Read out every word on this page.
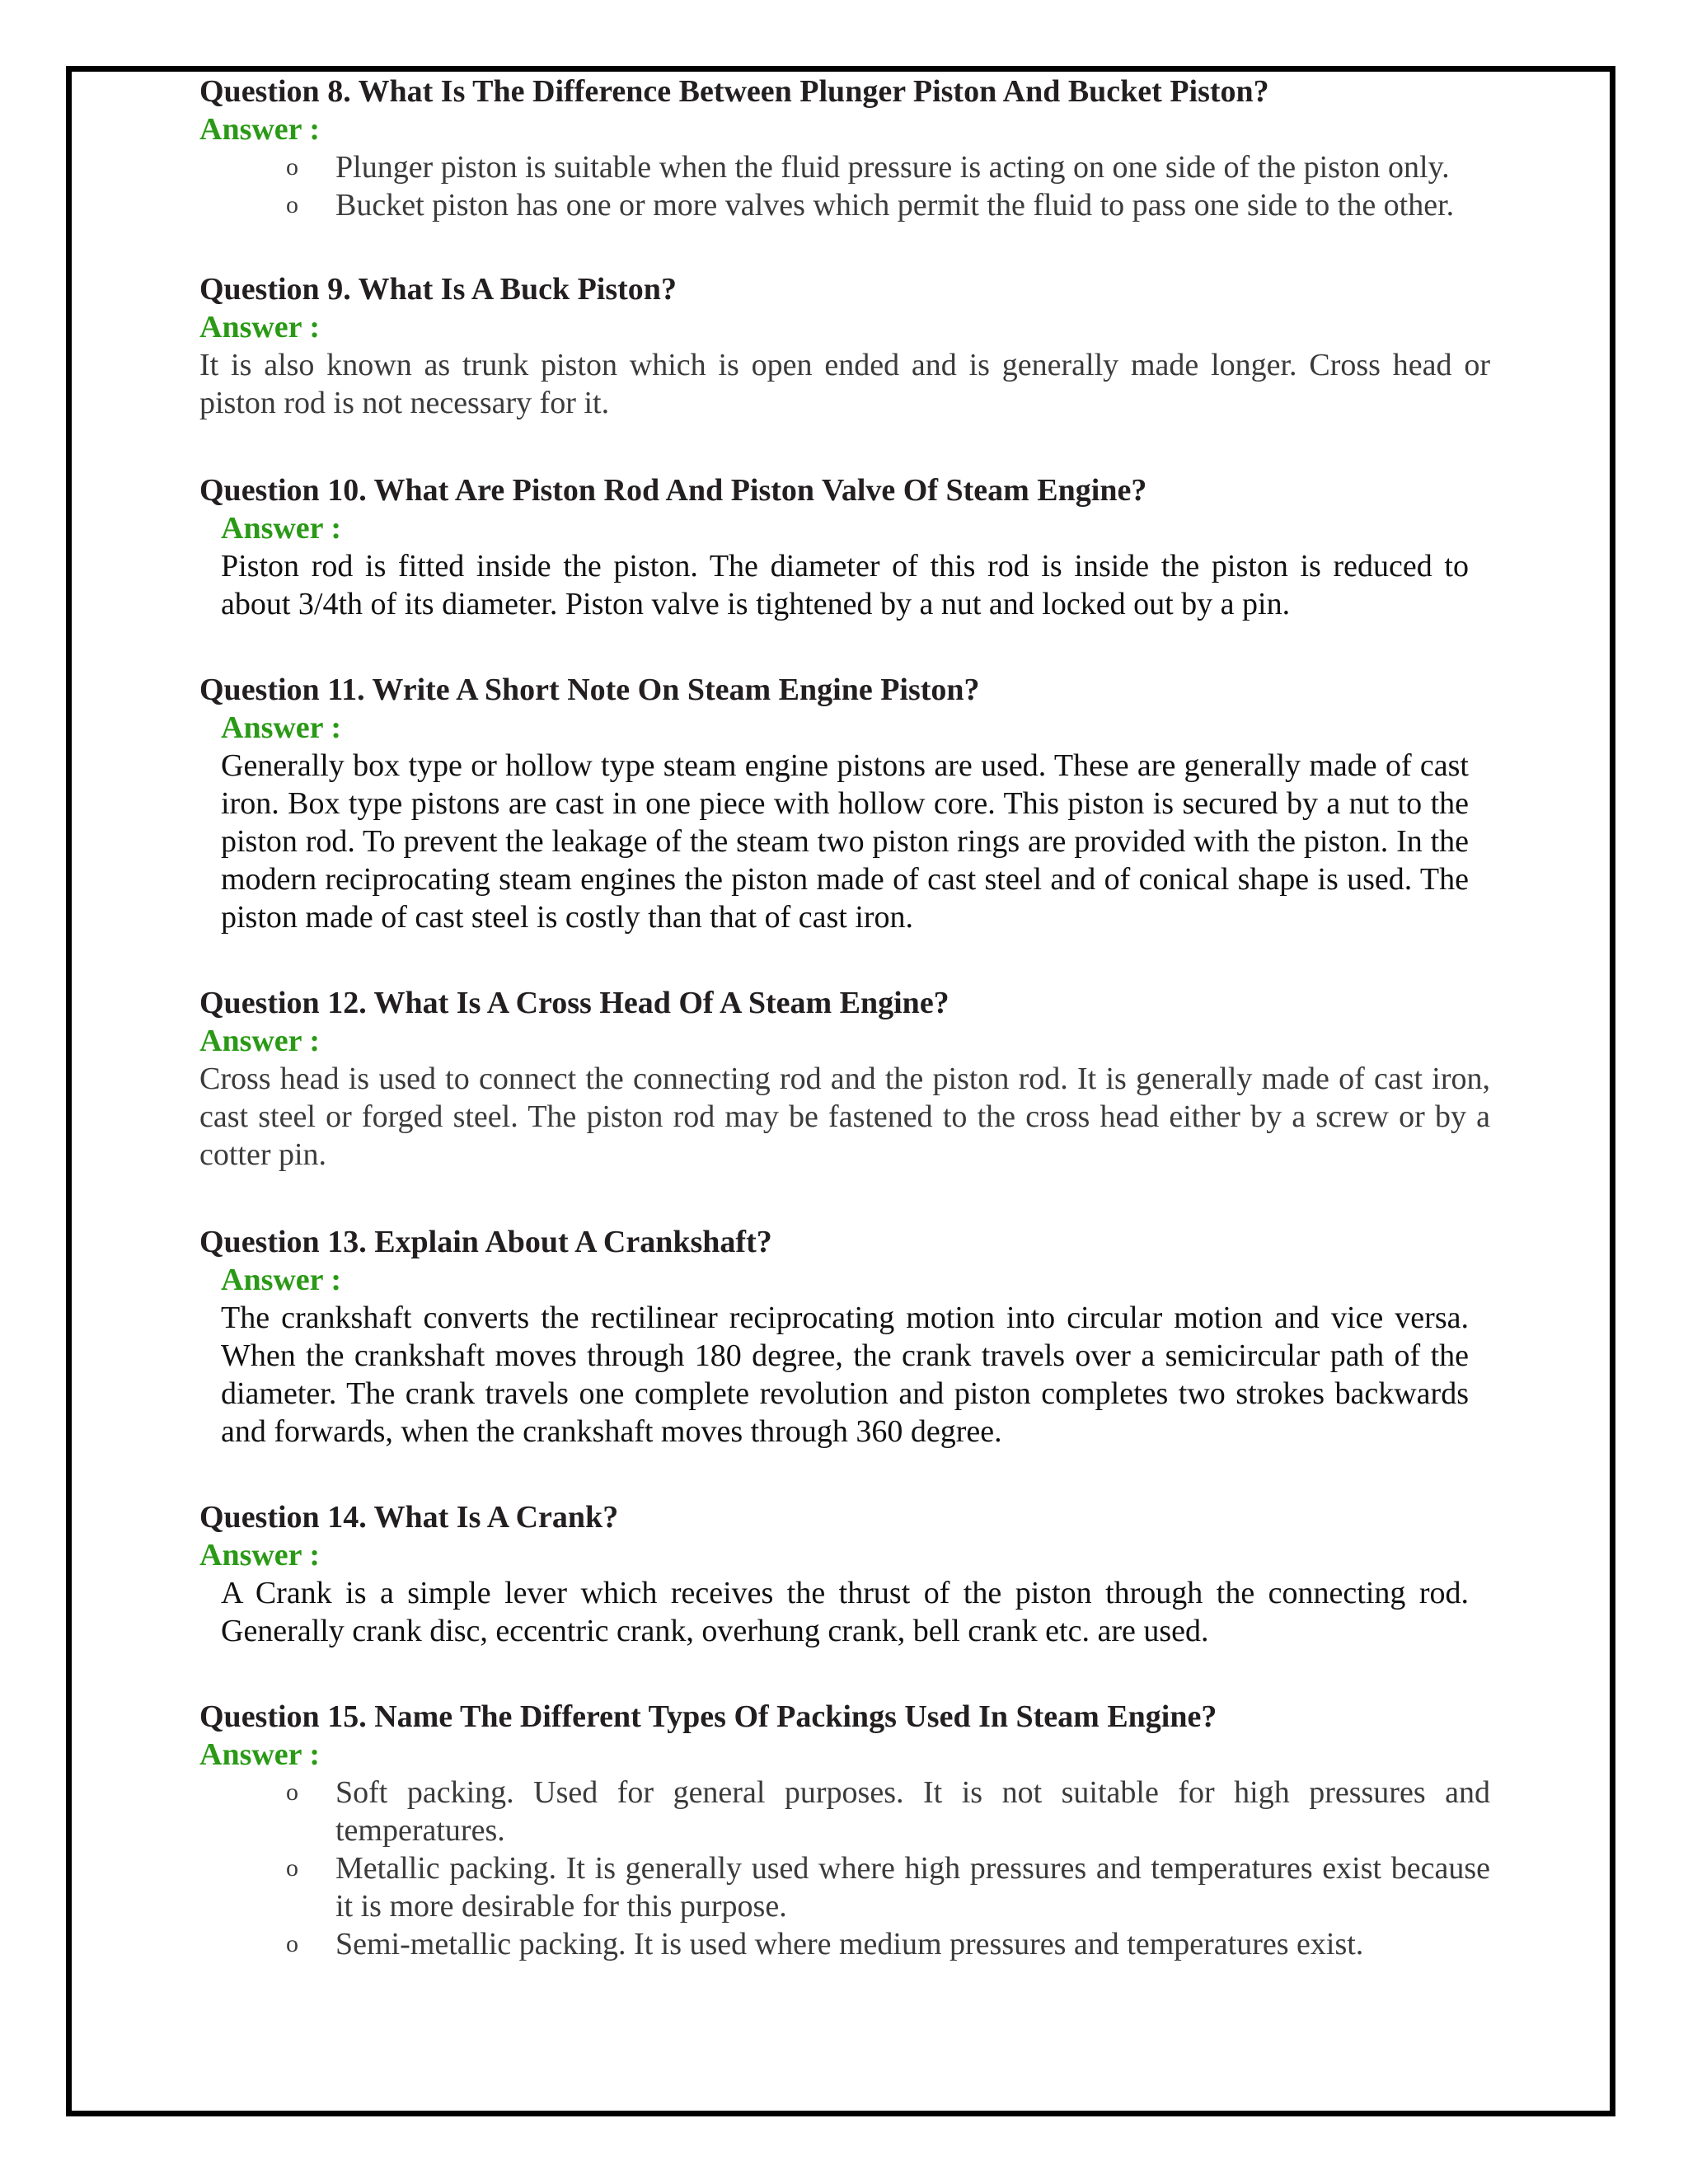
Question 8. What Is The Difference Between Plunger Piston And Bucket Piston?
Answer :
o Plunger piston is suitable when the fluid pressure is acting on one side of the piston only.
o Bucket piston has one or more valves which permit the fluid to pass one side to the other.
Question 9. What Is A Buck Piston?
Answer :
It is also known as trunk piston which is open ended and is generally made longer. Cross head or piston rod is not necessary for it.
Question 10. What Are Piston Rod And Piston Valve Of Steam Engine?
Answer :
Piston rod is fitted inside the piston. The diameter of this rod is inside the piston is reduced to about 3/4th of its diameter. Piston valve is tightened by a nut and locked out by a pin.
Question 11. Write A Short Note On Steam Engine Piston?
Answer :
Generally box type or hollow type steam engine pistons are used. These are generally made of cast iron. Box type pistons are cast in one piece with hollow core. This piston is secured by a nut to the piston rod. To prevent the leakage of the steam two piston rings are provided with the piston. In the modern reciprocating steam engines the piston made of cast steel and of conical shape is used. The piston made of cast steel is costly than that of cast iron.
Question 12. What Is A Cross Head Of A Steam Engine?
Answer :
Cross head is used to connect the connecting rod and the piston rod. It is generally made of cast iron, cast steel or forged steel. The piston rod may be fastened to the cross head either by a screw or by a cotter pin.
Question 13. Explain About A Crankshaft?
Answer :
The crankshaft converts the rectilinear reciprocating motion into circular motion and vice versa. When the crankshaft moves through 180 degree, the crank travels over a semicircular path of the diameter. The crank travels one complete revolution and piston completes two strokes backwards and forwards, when the crankshaft moves through 360 degree.
Question 14. What Is A Crank?
Answer :
A Crank is a simple lever which receives the thrust of the piston through the connecting rod. Generally crank disc, eccentric crank, overhung crank, bell crank etc. are used.
Question 15. Name The Different Types Of Packings Used In Steam Engine?
Answer :
o Soft packing. Used for general purposes. It is not suitable for high pressures and temperatures.
o Metallic packing. It is generally used where high pressures and temperatures exist because it is more desirable for this purpose.
o Semi-metallic packing. It is used where medium pressures and temperatures exist.
